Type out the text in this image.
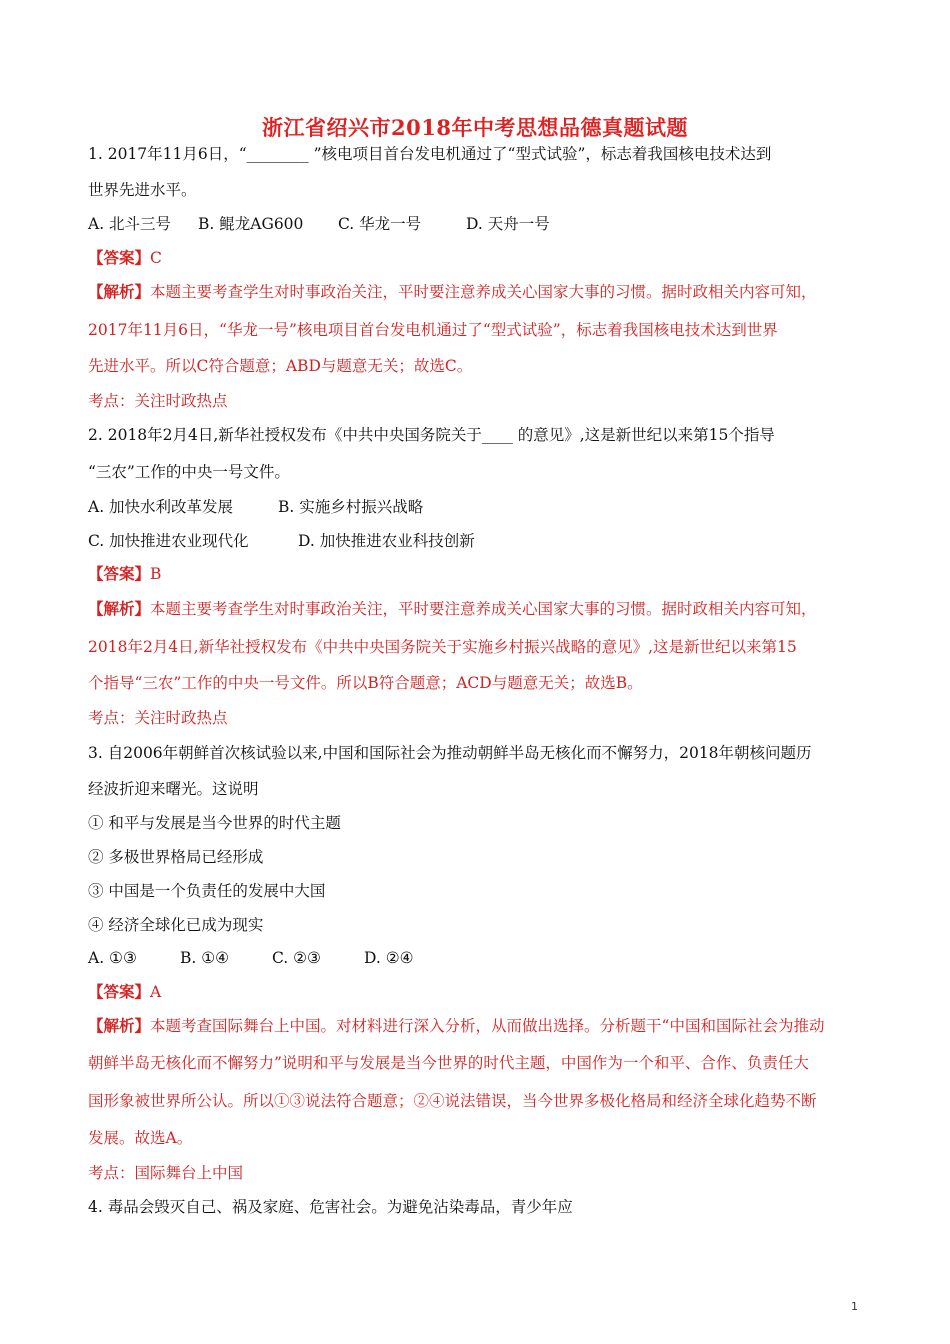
浙江省绍兴市2018年中考思想品德真题试题
1. 2017年11月6日，“________ ”核电项目首台发电机通过了“型式试验”，标志着我国核电技术达到
世界先进水平。
A. 北斗三号 B. 鲲龙AG600 C. 华龙一号	D. 天舟一号
【答案】C
【解析】本题主要考查学生对时事政治关注，平时要注意养成关心国家大事的习惯。据时政相关内容可知，
2017年11月6日，“华龙一号”核电项目首台发电机通过了“型式试验”，标志着我国核电技术达到世界
先进水平。所以C符合题意；ABD与题意无关；故选C。
考点：关注时政热点
2. 2018年2月4日,新华社授权发布《中共中央国务院关于____ 的意见》,这是新世纪以来第15个指导
“三农”工作的中央一号文件。
A. 加快水利改革发展	B. 实施乡村振兴战略
C. 加快推进农业现代化	D. 加快推进农业科技创新
【答案】B
【解析】本题主要考查学生对时事政治关注，平时要注意养成关心国家大事的习惯。据时政相关内容可知，
2018年2月4日,新华社授权发布《中共中央国务院关于实施乡村振兴战略的意见》,这是新世纪以来第15
个指导“三农”工作的中央一号文件。所以B符合题意；ACD与题意无关；故选B。
考点：关注时政热点
3. 自2006年朝鲜首次核试验以来,中国和国际社会为推动朝鲜半岛无核化而不懈努力，2018年朝核问题历
经波折迎来曙光。这说明
① 和平与发展是当今世界的时代主题
② 多极世界格局已经形成
③ 中国是一个负责任的发展中大国
④ 经济全球化已成为现实
A. ①③	B. ①④	C. ②③	D. ②④
【答案】A
【解析】本题考查国际舞台上中国。对材料进行深入分析，从而做出选择。分析题干“中国和国际社会为推动
朝鲜半岛无核化而不懈努力”说明和平与发展是当今世界的时代主题，中国作为一个和平、合作、负责任大
国形象被世界所公认。所以①③说法符合题意；②④说法错误，当今世界多极化格局和经济全球化趋势不断
发展。故选A。
考点：国际舞台上中国
4. 毒品会毁灭自己、祸及家庭、危害社会。为避免沾染毒品，青少年应
1
